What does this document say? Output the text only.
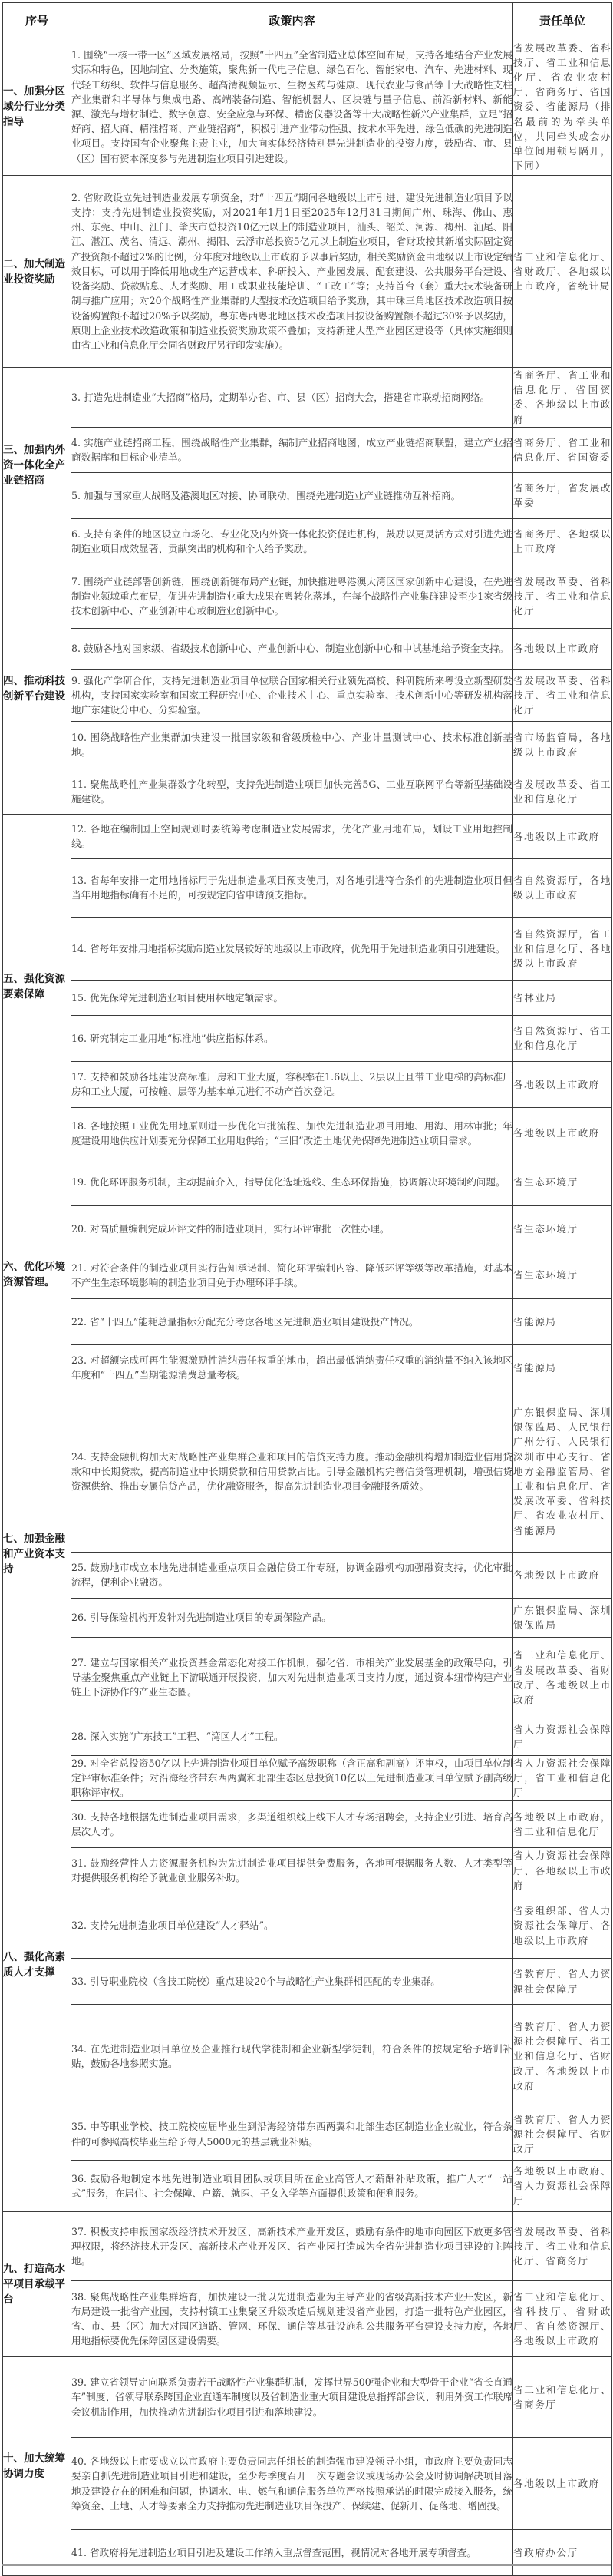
序号	政策内容	责任单位
一、加强分区域分行业分类指导	1. 围绕“一核一带一区”区域发展格局，按照“十四五”全省制造业总体空间布局，支持各地结合产业发展实际和特色，因地制宜、分类施策，聚焦新一代电子信息、绿色石化、智能家电、汽车、先进材料、现代轻工纺织、软件与信息服务、超高清视频显示、生物医药与健康、现代农业与食品等十大战略性支柱产业集群和半导体与集成电路、高端装备制造、智能机器人、区块链与量子信息、前沿新材料、新能源、激光与增材制造、数字创意、安全应急与环保、精密仪器设备等十大战略性新兴产业集群，立足“招好商、招大商、精准招商、产业链招商”，积极引进产业带动性强、技术水平先进、绿色低碳的先进制造业项目。支持国有企业聚焦主责主业，加大向实体经济特别是先进制造业的投资力度，鼓励省、市、县（区）国有资本深度参与先进制造业项目引进建设。	省发展改革委、省科技厅、省工业和信息化厅、省农业农村厅、省商务厅、省国资委、省能源局（排名最前的为牵头单位，共同牵头或会办单位间用顿号隔开，下同）
二、加大制造业投资奖励	2. 省财政设立先进制造业发展专项资金，对“十四五”期间各地级以上市引进、建设先进制造业项目予以支持：支持先进制造业投资奖励，对2021年1月1日至2025年12月31日期间广州、珠海、佛山、惠州、东莞、中山、江门、肇庆市总投资10亿元以上的制造业项目，汕头、韶关、河源、梅州、汕尾、阳江、湛江、茂名、清远、潮州、揭阳、云浮市总投资5亿元以上制造业项目，省财政按其新增实际固定资产投资额不超过2%的比例，分年度对地级以上市政府予以事后奖励，相关奖励资金由地级以上市设定绩效目标，可以用于降低用地或生产运营成本、科研投入、产业园发展、配套建设、公共服务平台建设、设备奖励、贷款贴息、人才奖励、用工或职业技能培训、“工改工”等；支持首台（套）重大技术装备研制与推广应用；对20个战略性产业集群的大型技术改造项目给予奖励，其中珠三角地区技术改造项目按设备购置额不超过20%予以奖励，粤东粤西粤北地区技术改造项目按设备购置额不超过30%予以奖励，原则上企业技术改造政策和制造业投资奖励政策不叠加；支持新建大型产业园区建设等（具体实施细则由省工业和信息化厅会同省财政厅另行印发实施）。	省工业和信息化厅、省财政厅、各地级以上市政府，省统计局
三、加强内外资一体化全产业链招商	3. 打造先进制造业“大招商”格局，定期举办省、市、县（区）招商大会，搭建省市联动招商网络。	省商务厅、省工业和信息化厅、省国资委、各地级以上市政府
	4. 实施产业链招商工程，围绕战略性产业集群，编制产业招商地图，成立产业链招商联盟，建立产业招商数据库和目标企业清单。	省商务厅、省工业和信息化厅、省国资委
	5. 加强与国家重大战略及港澳地区对接、协同联动，围绕先进制造业产业链推动互补招商。	省商务厅，省发展改革委
	6. 支持有条件的地区设立市场化、专业化及内外资一体化投资促进机构，鼓励以更灵活方式对引进先进制造业项目成效显著、贡献突出的机构和个人给予奖励。	省商务厅、各地级以上市政府
四、推动科技创新平台建设	7. 围绕产业链部署创新链，围绕创新链布局产业链，加快推进粤港澳大湾区国家创新中心建设，在先进制造业领域重点布局，促进先进制造业重大成果在粤转化落地，在每个战略性产业集群建设至少1家省级技术创新中心、产业创新中心或制造业创新中心。	省发展改革委、省科技厅、省工业和信息化厅
	8. 鼓励各地对国家级、省级技术创新中心、产业创新中心、制造业创新中心和中试基地给予资金支持。	各地级以上市政府
	9. 强化产学研合作，支持先进制造业项目单位联合国家相关行业领先高校、科研院所来粤设立新型研发机构，支持国家实验室和国家工程研究中心、企业技术中心、重点实验室、技术创新中心等研发机构落地广东建设分中心、分实验室。	省发展改革委、省科技厅、省工业和信息化厅
	10. 围绕战略性产业集群加快建设一批国家级和省级质检中心、产业计量测试中心、技术标准创新基地。	省市场监管局，各地级以上市政府
	11. 聚焦战略性产业集群数字化转型，支持先进制造业项目加快完善5G、工业互联网平台等新型基础设施建设。	省发展改革委、省工业和信息化厅
五、强化资源要素保障	12. 各地在编制国土空间规划时要统筹考虑制造业发展需求，优化产业用地布局，划设工业用地控制线。	各地级以上市政府
	13. 省每年安排一定用地指标用于先进制造业项目预支使用，对各地引进符合条件的先进制造业项目但当年用地指标确有不足的，可按规定向省申请预支指标。	省自然资源厅，各地级以上市政府
	14. 省每年安排用地指标奖励制造业发展较好的地级以上市政府，优先用于先进制造业项目引进建设。	省自然资源厅，省工业和信息化厅、各地级以上市政府
	15. 优先保障先进制造业项目使用林地定额需求。	省林业局
	16. 研究制定工业用地“标准地”供应指标体系。	省自然资源厅、省工业和信息化厅
	17. 支持和鼓励各地建设高标准厂房和工业大厦，容积率在1.6以上、2层以上且带工业电梯的高标准厂房和工业大厦，可按幢、层等为基本单元进行不动产首次登记。	各地级以上市政府
	18. 各地按照工业优先用地原则进一步优化审批流程、加快先进制造业项目用地、用海、用林审批；年度建设用地供应计划要充分保障工业用地供给；“三旧”改造土地优先保障先进制造业项目需求。	各地级以上市政府
六、优化环境资源管理。	19. 优化环评服务机制，主动提前介入，指导优化选址选线、生态环保措施，协调解决环境制约问题。	省生态环境厅
	20. 对高质量编制完成环评文件的制造业项目，实行环评审批一次性办理。	省生态环境厅
	21. 对符合条件的制造业项目实行告知承诺制、简化环评编制内容、降低环评等级等改革措施，对基本不产生生态环境影响的制造业项目免于办理环评手续。	省生态环境厅
	22. 省“十四五”能耗总量指标分配充分考虑各地区先进制造业项目建设投产情况。	省能源局
	23. 对超额完成可再生能源激励性消纳责任权重的地市，超出最低消纳责任权重的消纳量不纳入该地区年度和“十四五”当期能源消费总量考核。	省能源局
七、加强金融和产业资本支持	24. 支持金融机构加大对战略性产业集群企业和项目的信贷支持力度。推动金融机构增加制造业信用贷款和中长期贷款，提高制造业中长期贷款和信用贷款占比。引导金融机构完善信贷管理机制，增强信贷资源供给、推出专属信贷产品，优化融资服务，提高先进制造业项目金融服务质效。	广东银保监局、深圳银保监局、人民银行广州分行、人民银行深圳市中心支行、省地方金融监管局、省工业和信息化厅、省发展改革委、省科技厅、省农业农村厅、省能源局
	25. 鼓励地市成立本地先进制造业重点项目金融信贷工作专班，协调金融机构加强融资支持，优化审批流程，便利企业融资。	各地级以上市政府
	26. 引导保险机构开发针对先进制造业项目的专属保险产品。	广东银保监局、深圳银保监局
	27. 建立与国家相关产业投资基金常态化对接工作机制，强化省、市相关产业发展基金的政策导向，引导基金聚焦重点产业链上下游联通开展投资，加大对先进制造业项目支持力度，通过资本纽带构建产业链上下游协作的产业生态圈。	省工业和信息化厅、省发展改革委、省财政厅、各地级以上市政府
八、强化高素质人才支撑	28. 深入实施“广东技工”工程、“湾区人才”工程。	省人力资源社会保障厅
	29. 对全省总投资50亿以上先进制造业项目单位赋予高级职称（含正高和副高）评审权，由项目单位制定评审标准条件；对沿海经济带东西两翼和北部生态区总投资10亿以上先进制造业项目单位赋予副高级职称评审权。	省人力资源社会保障厅，省工业和信息化厅
	30. 支持各地根据先进制造业项目需求，多渠道组织线上线下人才专场招聘会，支持企业引进、培育高层次人才。	各地级以上市政府，省工业和信息化厅
	31. 鼓励经营性人力资源服务机构为先进制造业项目提供免费服务，各地可根据服务人数、人才类型等对提供服务机构给予就业创业服务补助。	省人力资源社会保障厅、各地级以上市政府
	32. 支持先进制造业项目单位建设“人才驿站”。	省委组织部、省人力资源社会保障厅、各地级以上市政府
	33. 引导职业院校（含技工院校）重点建设20个与战略性产业集群相匹配的专业集群。	省教育厅、省人力资源社会保障厅
	34. 在先进制造业项目单位及企业推行现代学徒制和企业新型学徒制，符合条件的按规定给予培训补贴，鼓励各地参照实施。	省教育厅、省人力资源社会保障厅、省工业和信息化厅、省财政厅、各地级以上市政府
	35. 中等职业学校、技工院校应届毕业生到沿海经济带东西两翼和北部生态区制造业企业就业，符合条件的可参照高校毕业生给予每人5000元的基层就业补贴。	省教育厅、省人力资源社会保障厅、省财政厅
	36. 鼓励各地制定本地先进制造业项目团队或项目所在企业高管人才薪酬补贴政策，推广人才“一站式”服务，在居住、社会保障、户籍、就医、子女入学等方面提供政策和便利服务。	各地级以上市政府、省人力资源社会保障厅
九、打造高水平项目承载平台	37. 积极支持申报国家级经济技术开发区、高新技术产业开发区，鼓励有条件的地市向园区下放更多管理权限，将经济技术开发区、高新技术产业开发区、省产业园打造成为全省先进制造业项目建设的主阵地。	省发展改革委、省科技厅、省工业和信息化厅、省商务厅
	38. 聚焦战略性产业集群培育，加快建设一批以先进制造业为主导产业的省级高新技术产业开发区，新布局建设一批省产业园，支持村镇工业集聚区升级改造后规划建设省产业园，打造一批特色产业园区，省、市、县（区）加大对园区道路、管网、环保、通信等基础设施和公共服务平台建设支持力度，各地用地指标要优先保障园区建设需要。	省工业和信息化厅、省科技厅、省财政厅、省自然资源厅、各地级以上市政府
十、加大统筹协调力度	39. 建立省领导定向联系负责若干战略性产业集群机制，发挥世界500强企业和大型骨干企业“省长直通车”制度、省领导联系跨国企业直通车制度以及省制造业重大项目建设总指挥部会议、利用外资工作联席会议机制作用，加快推动先进制造业项目引进和落地建设。	省工业和信息化厅、省商务厅
	40. 各地级以上市要成立以市政府主要负责同志任组长的制造强市建设领导小组，市政府主要负责同志要亲自抓先进制造业项目引进和建设，至少每季度召开一次专题会议或现场办公会及时协调解决项目落地及建设存在的困难和问题，协调水、电、燃气和通信服务单位严格按照承诺的时限完成接入服务，统筹资金、土地、人才等要素全力支持推动先进制造业项目保投产、保续建、促新开、促落地、增固投。	各地级以上市政府
	41. 省政府将先进制造业项目引进及建设工作纳入重点督查范围，视情况对各地开展专项督查。	省政府办公厅
